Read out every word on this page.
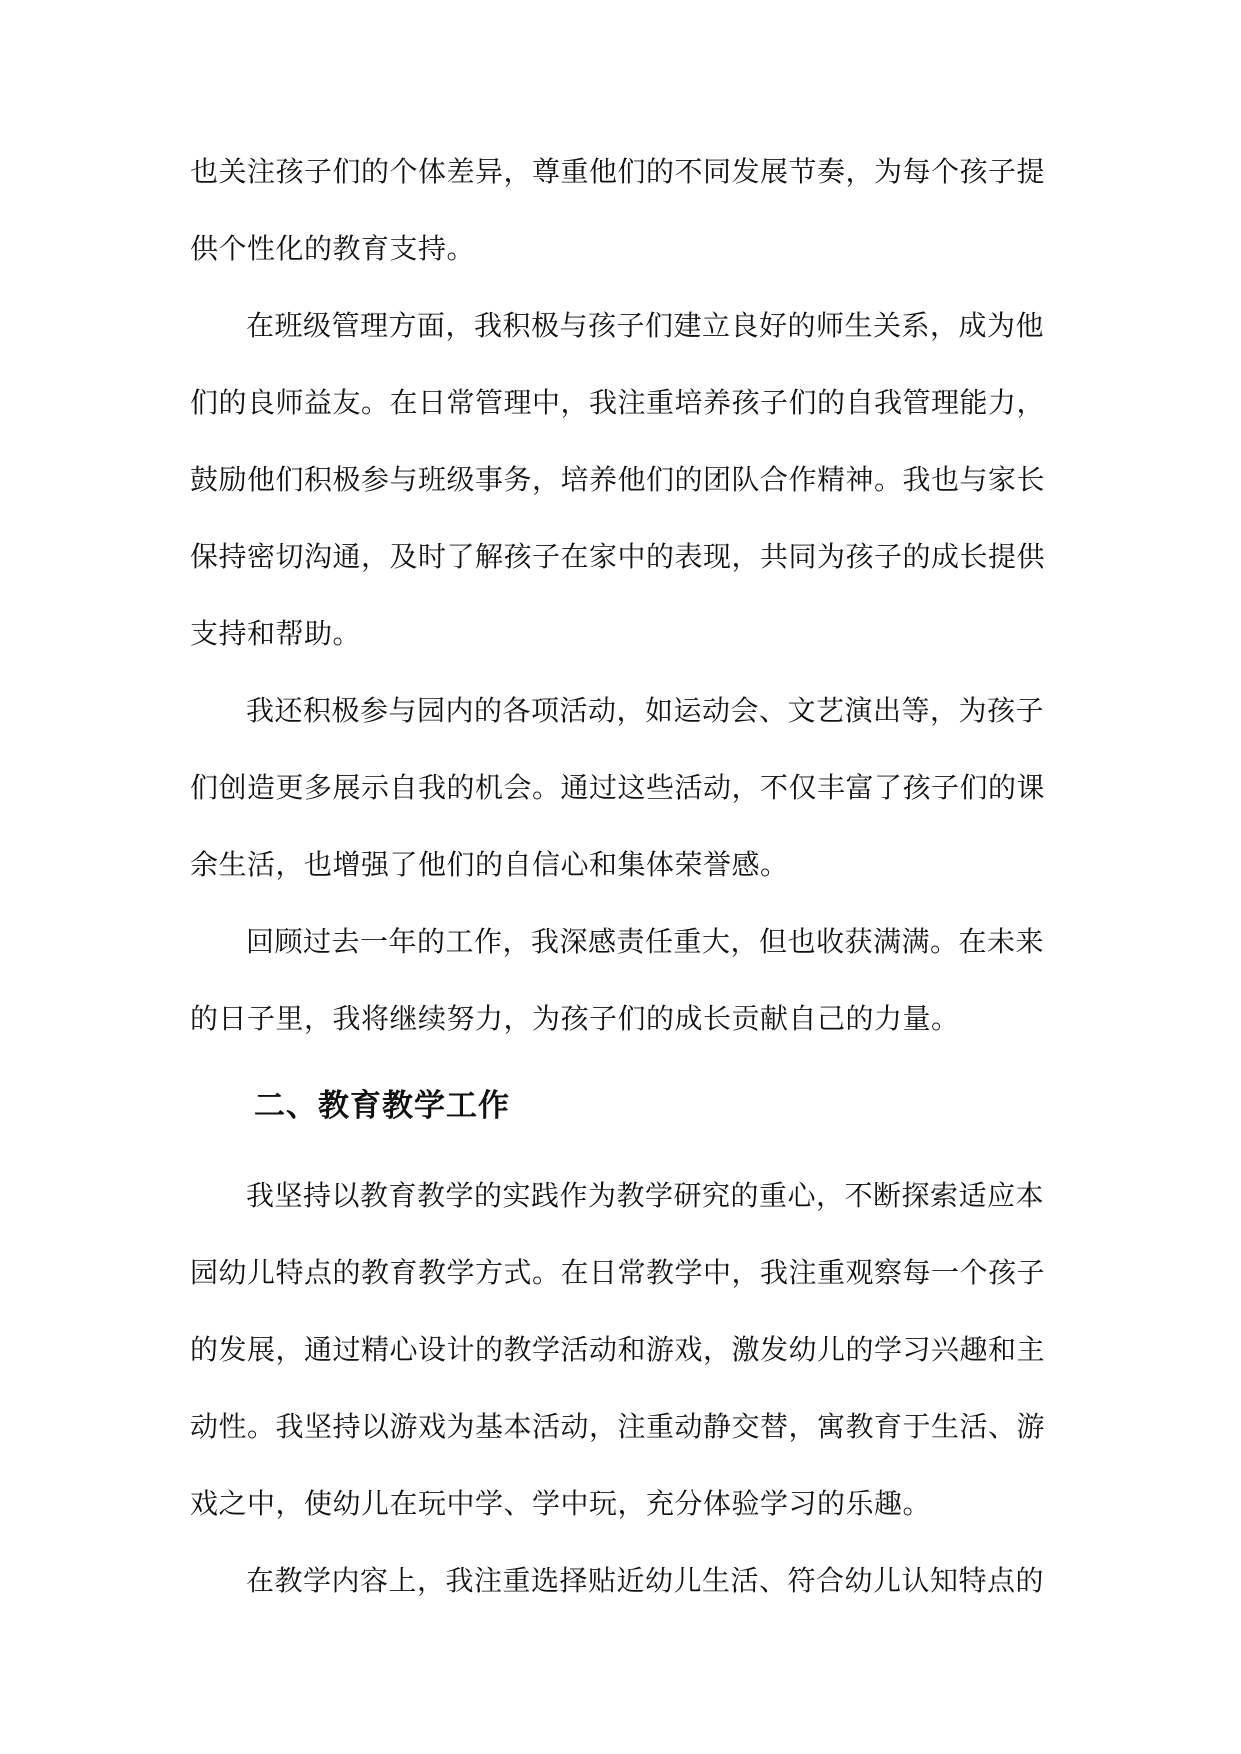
也关注孩子们的个体差异，尊重他们的不同发展节奏，为每个孩子提
供个性化的教育支持。
在班级管理方面，我积极与孩子们建立良好的师生关系，成为他
们的良师益友。在日常管理中，我注重培养孩子们的自我管理能力，
鼓励他们积极参与班级事务，培养他们的团队合作精神。我也与家长
保持密切沟通，及时了解孩子在家中的表现，共同为孩子的成长提供
支持和帮助。
我还积极参与园内的各项活动，如运动会、文艺演出等，为孩子
们创造更多展示自我的机会。通过这些活动，不仅丰富了孩子们的课
余生活，也增强了他们的自信心和集体荣誉感。
回顾过去一年的工作，我深感责任重大，但也收获满满。在未来
的日子里，我将继续努力，为孩子们的成长贡献自己的力量。
二、教育教学工作
我坚持以教育教学的实践作为教学研究的重心，不断探索适应本
园幼儿特点的教育教学方式。在日常教学中，我注重观察每一个孩子
的发展，通过精心设计的教学活动和游戏，激发幼儿的学习兴趣和主
动性。我坚持以游戏为基本活动，注重动静交替，寓教育于生活、游
戏之中，使幼儿在玩中学、学中玩，充分体验学习的乐趣。
在教学内容上，我注重选择贴近幼儿生活、符合幼儿认知特点的
